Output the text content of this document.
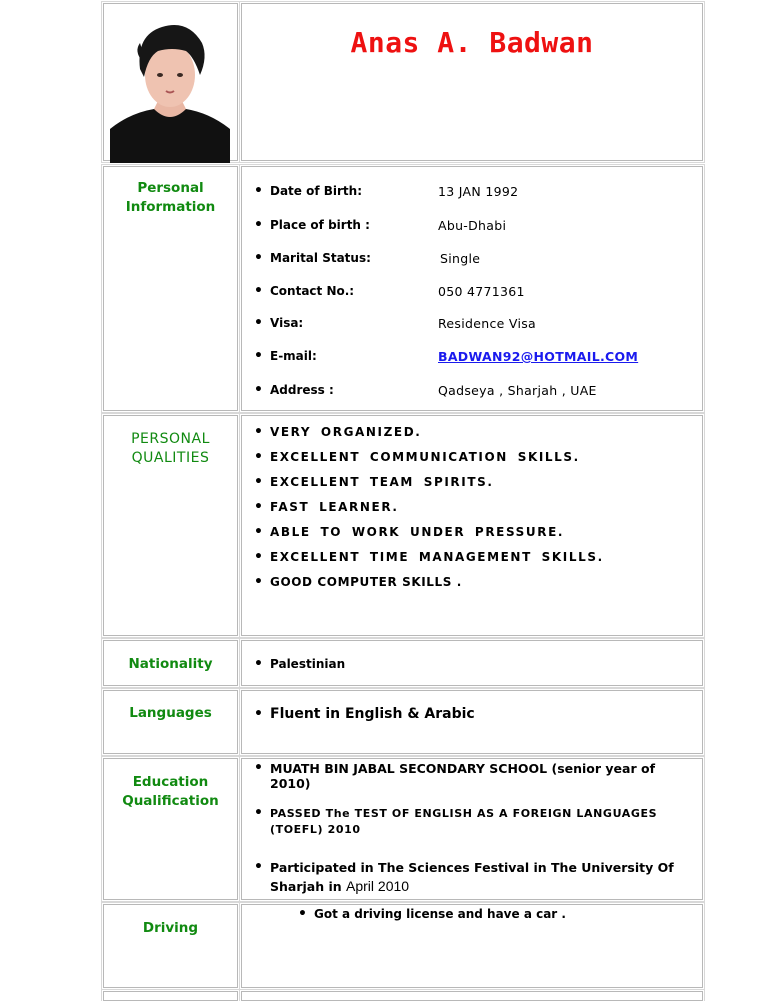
Anas A. Badwan
Personal
Information
• Date of Birth:	13 JAN 1992
• Place of birth :	Abu-Dhabi
• Marital Status:	Single
• Contact No.:	050 4771361
• Visa:	Residence Visa
• E-mail:	BADWAN92@HOTMAIL.COM
• Address :	Qadseya , Sharjah , UAE
PERSONAL
QUALITIES
• VERY ORGANIZED.
• EXCELLENT COMMUNICATION SKILLS.
• EXCELLENT TEAM SPIRITS.
• FAST LEARNER.
• ABLE TO WORK UNDER PRESSURE.
• EXCELLENT TIME MANAGEMENT SKILLS.
• GOOD COMPUTER SKILLS .
Nationality	• Palestinian
Languages	• Fluent in English & Arabic
Education
Qualification
• MUATH BIN JABAL SECONDARY SCHOOL (senior year of 2010)
• PASSED The TEST OF ENGLISH AS A FOREIGN LANGUAGES
(TOEFL) 2010
• Participated in The Sciences Festival in The University Of
Sharjah in April 2010
Driving
• Got a driving license and have a car .
